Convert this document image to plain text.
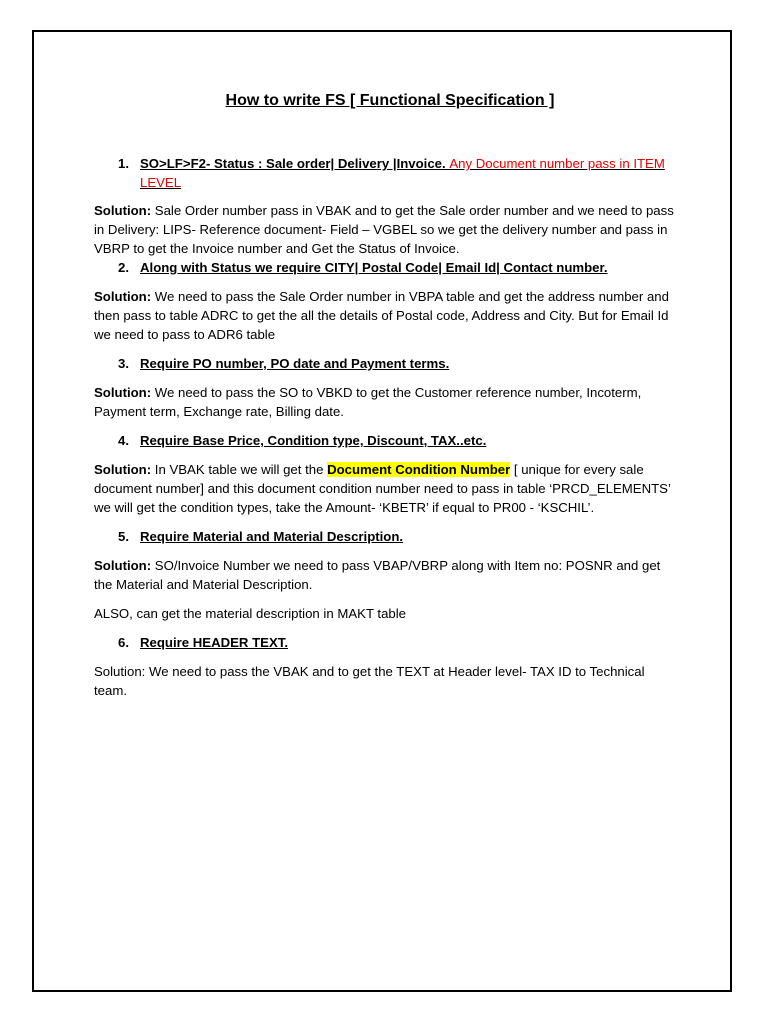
How to write FS [ Functional Specification ]
1. SO>LF>F2- Status : Sale order| Delivery |Invoice. Any Document number pass in ITEM LEVEL

Solution: Sale Order number pass in VBAK and to get the Sale order number and we need to pass in Delivery: LIPS- Reference document- Field – VGBEL so we get the delivery number and pass in VBRP to get the Invoice number and Get the Status of Invoice.

2. Along with Status we require CITY| Postal Code| Email Id| Contact number.

Solution: We need to pass the Sale Order number in VBPA table and get the address number and then pass to table ADRC to get the all the details of Postal code, Address and City. But for Email Id we need to pass to ADR6 table

3. Require PO number, PO date and Payment terms.

Solution: We need to pass the SO to VBKD to get the Customer reference number, Incoterm, Payment term, Exchange rate, Billing date.

4. Require Base Price, Condition type, Discount, TAX..etc.

Solution: In VBAK table we will get the Document Condition Number [ unique for every sale document number] and this document condition number need to pass in table ‘PRCD_ELEMENTS’ we will get the condition types, take the Amount- ‘KBETR’ if equal to PR00 - ‘KSCHIL’.

5. Require Material and Material Description.

Solution: SO/Invoice Number we need to pass VBAP/VBRP along with Item no: POSNR and get the Material and Material Description.

ALSO, can get the material description in MAKT table

6. Require HEADER TEXT.

Solution: We need to pass the VBAK and to get the TEXT at Header level- TAX ID to Technical team.
